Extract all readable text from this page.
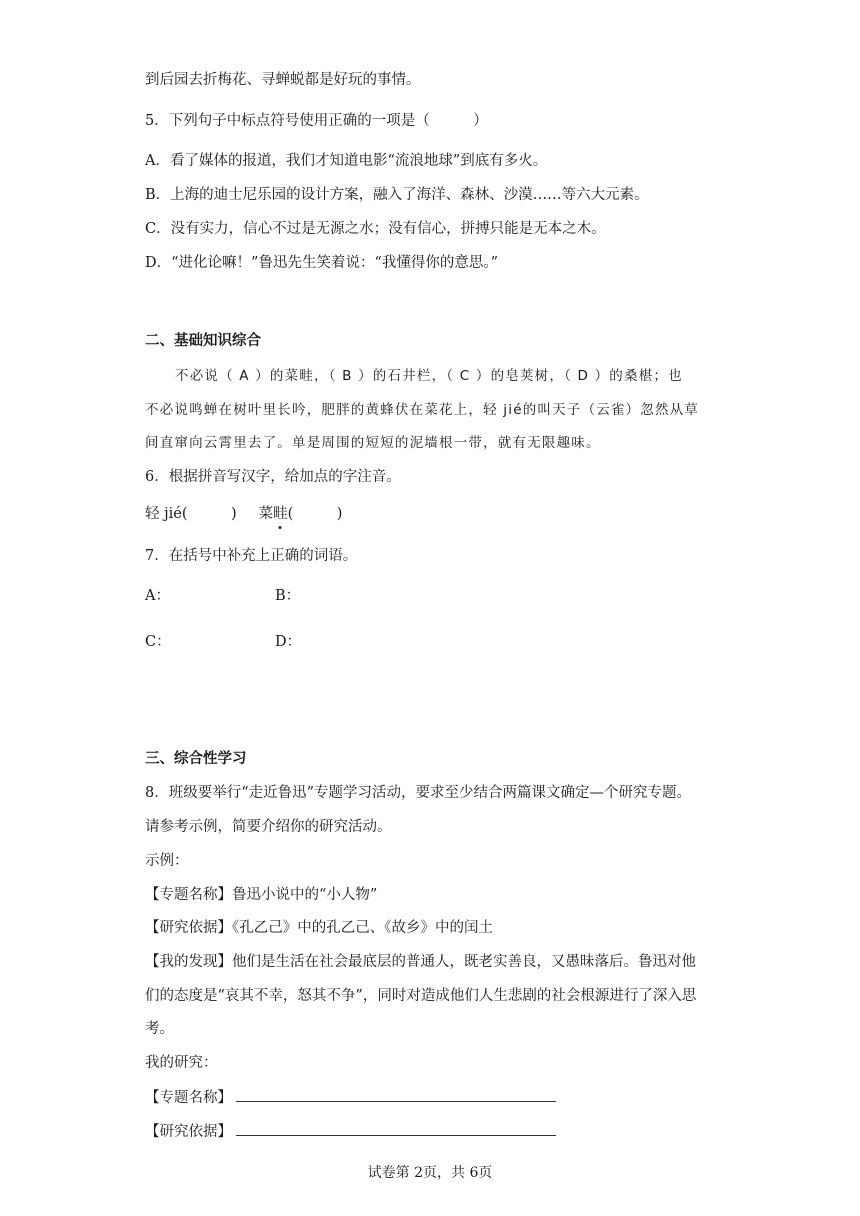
到后园去折梅花、寻蝉蜕都是好玩的事情。
5．下列句子中标点符号使用正确的一项是（　　　）
A．看了媒体的报道，我们才知道电影“流浪地球”到底有多火。
B．上海的迪士尼乐园的设计方案，融入了海洋、森林、沙漠……等六大元素。
C．没有实力，信心不过是无源之水；没有信心，拼搏只能是无本之木。
D．“进化论嘛！”鲁迅先生笑着说：“我懂得你的意思。”
二、基础知识综合
不必说（ A ）的菜畦，（ B ）的石井栏，（ C ）的皂荚树，（ D ）的桑椹；也
不必说鸣蝉在树叶里长吟，肥胖的黄蜂伏在菜花上，轻 jié的叫天子（云雀）忽然从草
间直窜向云霄里去了。单是周围的短短的泥墙根一带，就有无限趣味。
6．根据拼音写汉字，给加点的字注音。
轻 jié(　　　) 菜畦(　　　)
7．在括号中补充上正确的词语。
A：	B：
C：	D：
三、综合性学习
8．班级要举行“走近鲁迅”专题学习活动，要求至少结合两篇课文确定—个研究专题。
请参考示例，简要介绍你的研究活动。
示例：
【专题名称】鲁迅小说中的“小人物”
【研究依据】《孔乙己》中的孔乙己、《故乡》中的闰土
【我的发现】他们是生活在社会最底层的普通人，既老实善良，又愚昧落后。鲁迅对他
们的态度是“哀其不幸，怒其不争”，同时对造成他们人生悲剧的社会根源进行了深入思
考。
我的研究：
【专题名称】
【研究依据】
试卷第 2页，共 6页
